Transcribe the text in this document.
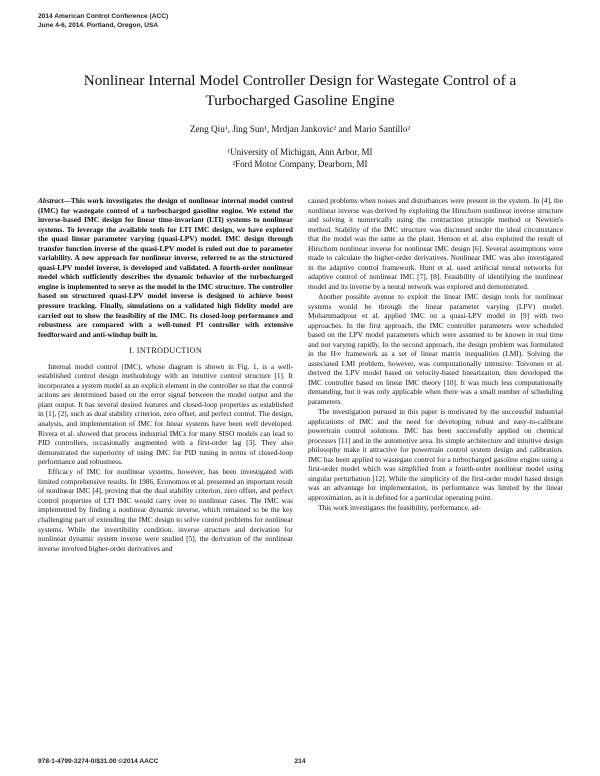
2014 American Control Conference (ACC)
June 4-6, 2014. Portland, Oregon, USA
Nonlinear Internal Model Controller Design for Wastegate Control of a
Turbocharged Gasoline Engine
Zeng Qiu¹, Jing Sun¹, Mrdjan Jankovic² and Mario Santillo²
¹University of Michigan, Ann Arbor, MI
²Ford Motor Company, Dearborn, MI

Abstract—This work investigates the design of nonlinear internal model control (IMC) for wastegate control of a turbocharged gasoline engine. We extend the inverse-based IMC design for linear time-invariant (LTI) systems to nonlinear systems. To leverage the available tools for LTI IMC design, we have explored the quasi linear parameter varying (quasi-LPV) model. IMC design through transfer function inverse of the quasi-LPV model is ruled out due to parameter variability. A new approach for nonlinear inverse, referred to as the structured quasi-LPV model inverse, is developed and validated. A fourth-order nonlinear model which sufficiently describes the dynamic behavior of the turbocharged engine is implemented to serve as the model in the IMC structure. The controller based on structured quasi-LPV model inverse is designed to achieve boost pressure tracking. Finally, simulations on a validated high fidelity model are carried out to show the feasibility of the IMC. Its closed-loop performance and robustness are compared with a well-tuned PI controller with extensive feedforward and anti-windup built in.

I. INTRODUCTION

Internal model control (IMC), whose diagram is shown in Fig. 1, is a well-established control design methodology with an intuitive control structure [1]. It incorporates a system model as an explicit element in the controller so that the control actions are determined based on the error signal between the model output and the plant output. It has several desired features and closed-loop properties as established in [1], [2], such as dual stability criterion, zero offset, and perfect control. The design, analysis, and implementation of IMC for linear systems have been well developed. Rivera et al. showed that process industrial IMCs for many SISO models can lead to PID controllers, occasionally augmented with a first-order lag [3]. They also demonstrated the superiority of using IMC for PID tuning in terms of closed-loop performance and robustness.

Efficacy of IMC for nonlinear systems, however, has been investigated with limited comprehensive results. In 1986, Economou et al. presented an important result of nonlinear IMC [4], proving that the dual stability criterion, zero offset, and perfect control properties of LTI IMC would carry over to nonlinear cases. The IMC was implemented by finding a nonlinear dynamic inverse, which remained to be the key challenging part of extending the IMC design to solve control problems for nonlinear systems. While the invertibility condition, inverse structure and derivation for nonlinear dynamic system inverse were studied [5], the derivation of the nonlinear inverse involved higher-order derivatives and

caused problems when noises and disturbances were present in the system. In [4], the nonlinear inverse was derived by exploiting the Hirschorn nonlinear inverse structure and solving it numerically using the contraction principle method or Newton's method. Stability of the IMC structure was discussed under the ideal circumstance that the model was the same as the plant. Henson et al. also exploited the result of Hirschorn nonlinear inverse for nonlinear IMC design [6]. Several assumptions were made to calculate the higher-order derivatives. Nonlinear IMC was also investigated in the adaptive control framework. Hunt et al. used artificial neural networks for adaptive control of nonlinear IMC [7], [8]. Feasibility of identifying the nonlinear model and its inverse by a neural network was explored and demonstrated.

Another possible avenue to exploit the linear IMC design tools for nonlinear systems would be through the linear parameter varying (LPV) model. Mohammadpour et al. applied IMC on a quasi-LPV model in [9] with two approaches. In the first approach, the IMC controller parameters were scheduled based on the LPV model parameters which were assumed to be known in real time and not varying rapidly. In the second approach, the design problem was formulated in the H∞ framework as a set of linear matrix inequalities (LMI). Solving the associated LMI problem, however, was computationally intensive. Toivonen et al. derived the LPV model based on velocity-based linearization, then developed the IMC controller based on linear IMC theory [10]. It was much less computationally demanding, but it was only applicable when there was a small number of scheduling parameters.

The investigation pursued in this paper is motivated by the successful industrial applications of IMC and the need for developing robust and easy-to-calibrate powertrain control solutions. IMC has been successfully applied on chemical processes [11] and in the automotive area. Its simple architecture and intuitive design philosophy make it attractive for powertrain control system design and calibration. IMC has been applied to wastegate control for a turbocharged gasoline engine using a first-order model which was simplified from a fourth-order nonlinear model using singular perturbation [12]. While the simplicity of the first-order model based design was an advantage for implementation, its performance was limited by the linear approximation, as it is defined for a particular operating point.

This work investigates the feasibility, performance, ad-

978-1-4799-3274-0/$31.00 ©2014 AACC	214
